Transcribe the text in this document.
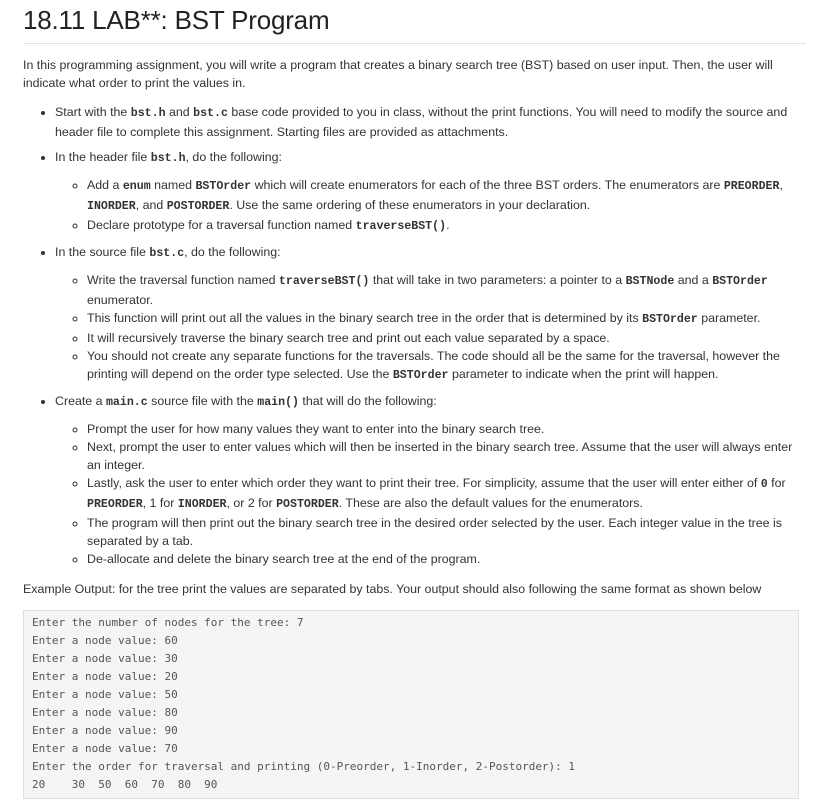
18.11 LAB**: BST Program

In this programming assignment, you will write a program that creates a binary search tree (BST) based on user input. Then, the user will indicate what order to print the values in.

• Start with the bst.h and bst.c base code provided to you in class, without the print functions. You will need to modify the source and header file to complete this assignment. Starting files are provided as attachments.
• In the header file bst.h, do the following:
◦ Add a enum named BSTOrder which will create enumerators for each of the three BST orders. The enumerators are PREORDER, INORDER, and POSTORDER. Use the same ordering of these enumerators in your declaration.
◦ Declare prototype for a traversal function named traverseBST().
• In the source file bst.c, do the following:
◦ Write the traversal function named traverseBST() that will take in two parameters: a pointer to a BSTNode and a BSTOrder enumerator.
◦ This function will print out all the values in the binary search tree in the order that is determined by its BSTOrder parameter.
◦ It will recursively traverse the binary search tree and print out each value separated by a space.
◦ You should not create any separate functions for the traversals. The code should all be the same for the traversal, however the printing will depend on the order type selected. Use the BSTOrder parameter to indicate when the print will happen.
• Create a main.c source file with the main() that will do the following:
◦ Prompt the user for how many values they want to enter into the binary search tree.
◦ Next, prompt the user to enter values which will then be inserted in the binary search tree. Assume that the user will always enter an integer.
◦ Lastly, ask the user to enter which order they want to print their tree. For simplicity, assume that the user will enter either of 0 for PREORDER, 1 for INORDER, or 2 for POSTORDER. These are also the default values for the enumerators.
◦ The program will then print out the binary search tree in the desired order selected by the user. Each integer value in the tree is separated by a tab.
◦ De-allocate and delete the binary search tree at the end of the program.

Example Output: for the tree print the values are separated by tabs. Your output should also following the same format as shown below

Enter the number of nodes for the tree: 7
Enter a node value: 60
Enter a node value: 30
Enter a node value: 20
Enter a node value: 50
Enter a node value: 80
Enter a node value: 90
Enter a node value: 70
Enter the order for traversal and printing (0-Preorder, 1-Inorder, 2-Postorder): 1
20    30  50  60  70  80  90
